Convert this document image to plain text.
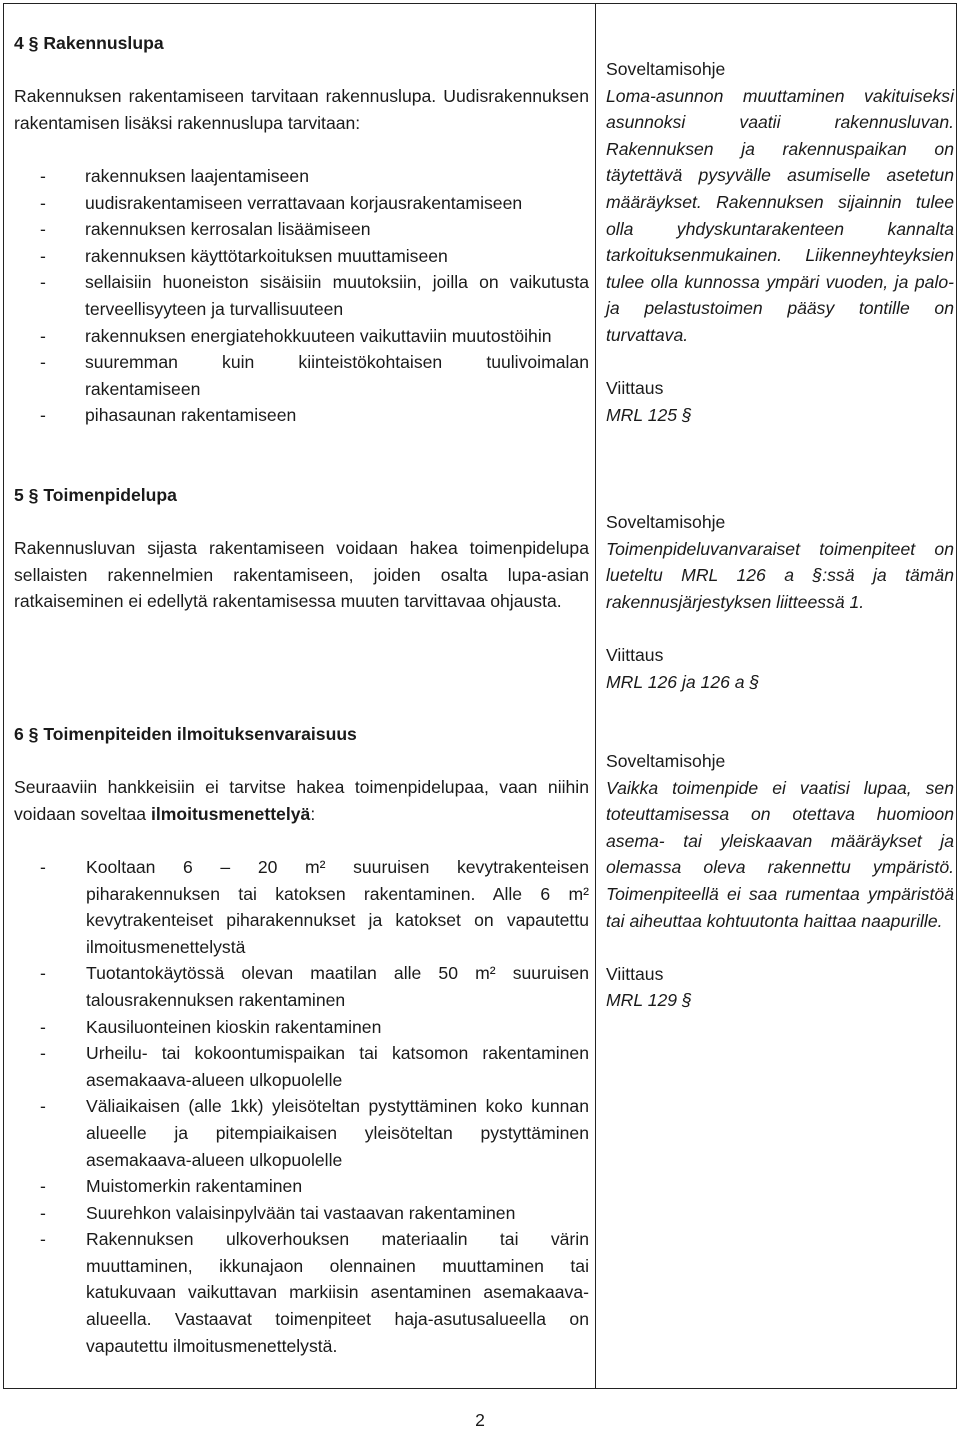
4 § Rakennuslupa

Rakennuksen rakentamiseen tarvitaan rakennuslupa. Uudisrakennuksen rakentamisen lisäksi rakennuslupa tarvitaan:

- rakennuksen laajentamiseen
- uudisrakentamiseen verrattavaan korjausrakentamiseen
- rakennuksen kerrosalan lisäämiseen
- rakennuksen käyttötarkoituksen muuttamiseen
- sellaisiin huoneiston sisäisiin muutoksiin, joilla on vaikutusta terveellisyyteen ja turvallisuuteen
- rakennuksen energiatehokkuuteen vaikuttaviin muutostöihin
- suuremman kuin kiinteistökohtaisen tuulivoimalan rakentamiseen
- pihasaunan rakentamiseen
Soveltamisohje

Loma-asunnon muuttaminen vakituiseksi asunnoksi vaatii rakennusluvan. Rakennuksen ja rakennuspaikan on täytettävä pysyvälle asumiselle asetetun määräykset. Rakennuksen sijainnin tulee olla yhdyskuntarakenteen kannalta tarkoituksenmukainen. Liikenneyhteyksien tulee olla kunnossa ympäri vuoden, ja palo- ja pelastustoimen pääsy tontille on turvattava.

Viittaus
MRL 125 §
5 § Toimenpidelupa

Rakennusluvan sijasta rakentamiseen voidaan hakea toimenpidelupa sellaisten rakennelmien rakentamiseen, joiden osalta lupa-asian ratkaiseminen ei edellytä rakentamisessa muuten tarvittavaa ohjausta.

Soveltamisohje

Toimenpideluvanvaraiset toimenpiteet on lueteltu MRL 126 a §:ssä ja tämän rakennusjärjestyksen liitteessä 1.

Viittaus
MRL 126 ja 126 a §
6 § Toimenpiteiden ilmoituksenvaraisuus

Seuraaviin hankkeisiin ei tarvitse hakea toimenpidelupaa, vaan niihin voidaan soveltaa ilmoitusmenettelyä:

- Kooltaan 6 – 20 m² suuruisen kevytrakenteisen piharakennuksen tai katoksen rakentaminen. Alle 6 m² kevytrakenteiset piharakennukset ja katokset on vapautettu ilmoitusmenettelystä
- Tuotantokäytössä olevan maatilan alle 50 m² suuruisen talousrakennuksen rakentaminen
- Kausiluonteinen kioskin rakentaminen
- Urheilu- tai kokoontumispaikan tai katsomon rakentaminen asemakaava-alueen ulkopuolelle
- Väliaikaisen (alle 1kk) yleisöteltan pystyttäminen koko kunnan alueelle ja pitempiaikaisen yleisöteltan pystyttäminen asemakaava-alueen ulkopuolelle
- Muistomerkin rakentaminen
- Suurehkon valaisinpylvään tai vastaavan rakentaminen
- Rakennuksen ulkoverhouksen materiaalin tai värin muuttaminen, ikkunajaon olennainen muuttaminen tai katukuvaan vaikuttavan markiisin asentaminen asemakaava-alueella. Vastaavat toimenpiteet haja-asutusalueella on vapautettu ilmoitusmenettelystä.
Soveltamisohje

Vaikka toimenpide ei vaatisi lupaa, sen toteuttamisessa on otettava huomioon asema- tai yleiskaavan määräykset ja olemassa oleva rakennettu ympäristö. Toimenpiteellä ei saa rumentaa ympäristöä tai aiheuttaa kohtuutonta haittaa naapurille.

Viittaus
MRL 129 §
2
